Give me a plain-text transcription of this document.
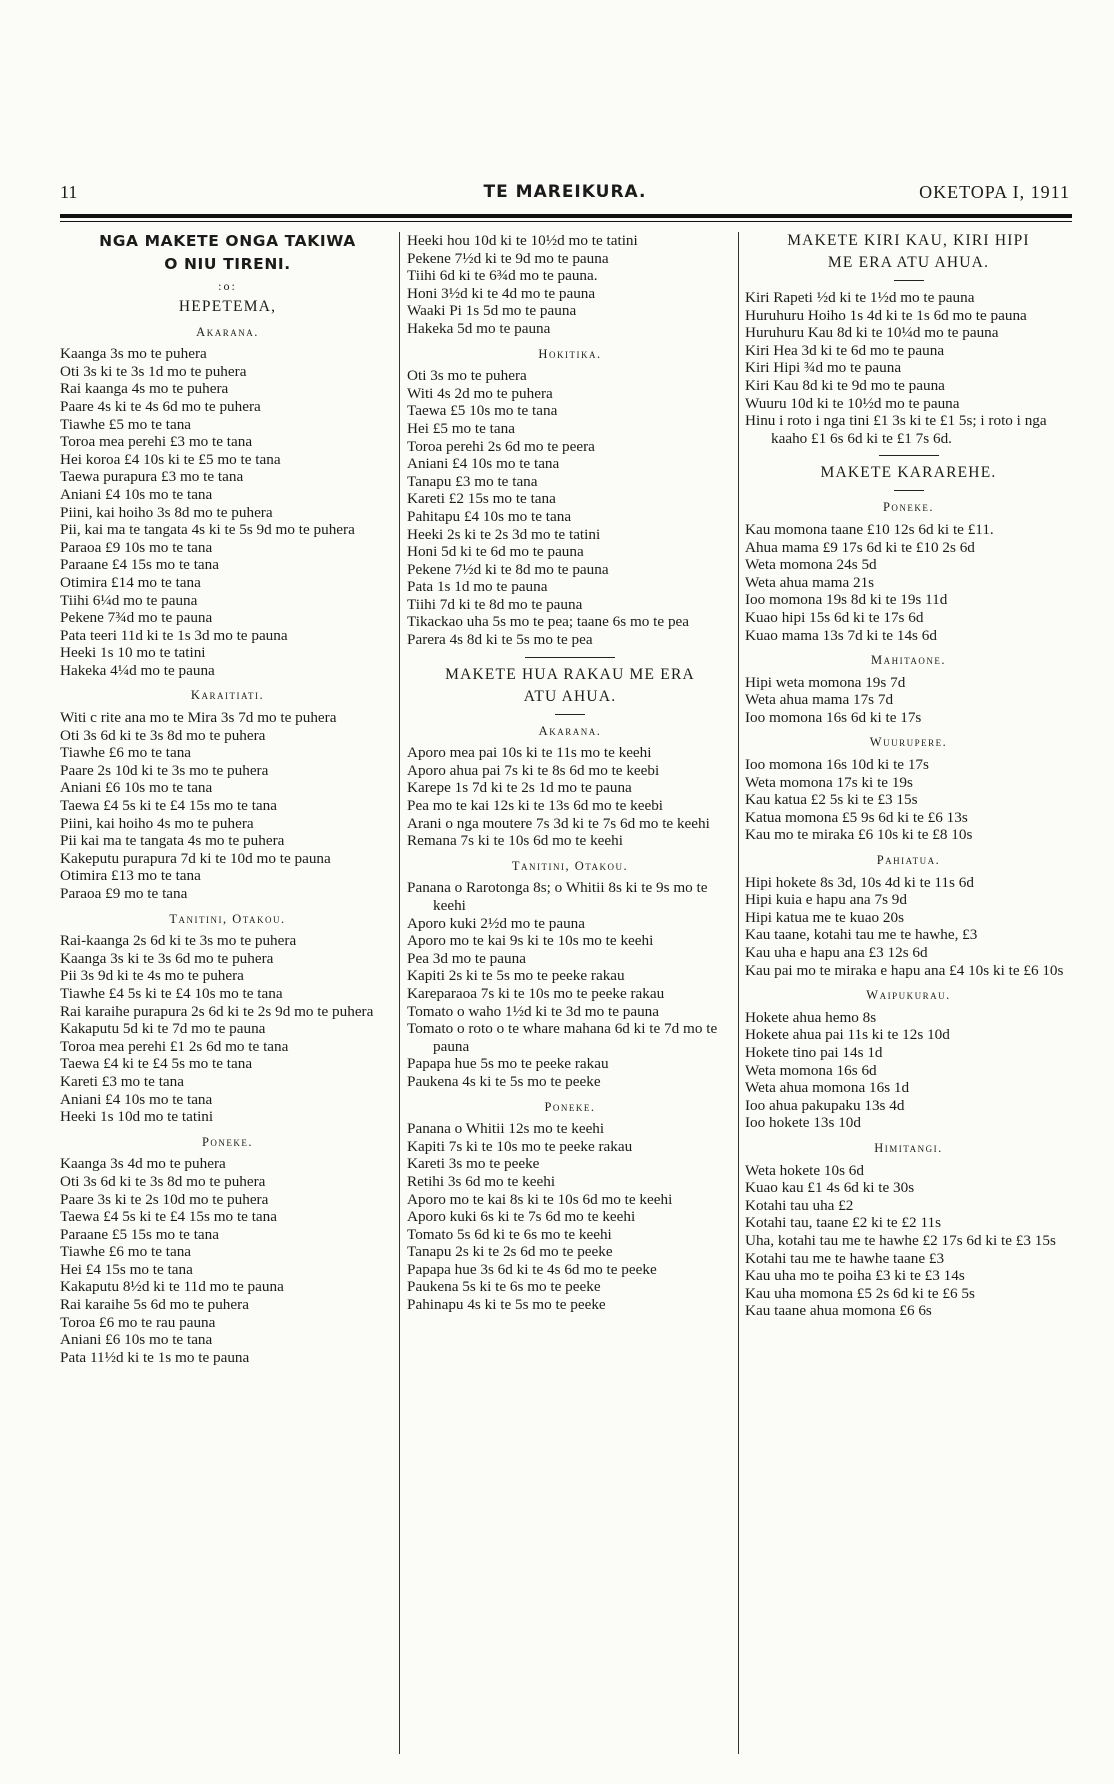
11	TE MAREIKURA.	OKETOPA I, 1911
NGA MAKETE ONGA TAKIWA
O NIU TIRENI.
:o:
HEPETEMA,
Akarana.
Kaanga 3s mo te puhera
Oti 3s ki te 3s 1d mo te puhera
Rai kaanga 4s mo te puhera
Paare 4s ki te 4s 6d mo te puhera
Tiawhe £5 mo te tana
Toroa mea perehi £3 mo te tana
Hei koroa £4 10s ki te £5 mo te tana
Taewa purapura £3 mo te tana
Aniani £4 10s mo te tana
Piini, kai hoiho 3s 8d mo te puhera
Pii, kai ma te tangata 4s ki te 5s 9d mo te puhera
Paraoa £9 10s mo te tana
Paraane £4 15s mo te tana
Otimira £14 mo te tana
Tiihi 6¼d mo te pauna
Pekene 7¾d mo te pauna
Pata teeri 11d ki te 1s 3d mo te pauna
Heeki 1s 10 mo te tatini
Hakeka 4¼d mo te pauna
Karaitiati.
Witi c rite ana mo te Mira 3s 7d mo te puhera
Oti 3s 6d ki te 3s 8d mo te puhera
Tiawhe £6 mo te tana
Paare 2s 10d ki te 3s mo te puhera
Aniani £6 10s mo te tana
Taewa £4 5s ki te £4 15s mo te tana
Piini, kai hoiho 4s mo te puhera
Pii kai ma te tangata 4s mo te puhera
Kakeputu purapura 7d ki te 10d mo te pauna
Otimira £13 mo te tana
Paraoa £9 mo te tana
Tanitini, Otakou.
Rai-kaanga 2s 6d ki te 3s mo te puhera
Kaanga 3s ki te 3s 6d mo te puhera
Pii 3s 9d ki te 4s mo te puhera
Tiawhe £4 5s ki te £4 10s mo te tana
Rai karaihe purapura 2s 6d ki te 2s 9d mo te puhera
Kakaputu 5d ki te 7d mo te pauna
Toroa mea perehi £1 2s 6d mo te tana
Taewa £4 ki te £4 5s mo te tana
Kareti £3 mo te tana
Aniani £4 10s mo te tana
Heeki 1s 10d mo te tatini
Poneke.
Kaanga 3s 4d mo te puhera
Oti 3s 6d ki te 3s 8d mo te puhera
Paare 3s ki te 2s 10d mo te puhera
Taewa £4 5s ki te £4 15s mo te tana
Paraane £5 15s mo te tana
Tiawhe £6 mo te tana
Hei £4 15s mo te tana
Kakaputu 8½d ki te 11d mo te pauna
Rai karaihe 5s 6d mo te puhera
Toroa £6 mo te rau pauna
Aniani £6 10s mo te tana
Pata 11½d ki te 1s mo te pauna
Heeki hou 10d ki te 10½d mo te tatini
Pekene 7½d ki te 9d mo te pauna
Tiihi 6d ki te 6¾d mo te pauna.
Honi 3½d ki te 4d mo te pauna
Waaki Pi 1s 5d mo te pauna
Hakeka 5d mo te pauna
Hokitika.
Oti 3s mo te puhera
Witi 4s 2d mo te puhera
Taewa £5 10s mo te tana
Hei £5 mo te tana
Toroa perehi 2s 6d mo te peera
Aniani £4 10s mo te tana
Tanapu £3 mo te tana
Kareti £2 15s mo te tana
Pahitapu £4 10s mo te tana
Heeki 2s ki te 2s 3d mo te tatini
Honi 5d ki te 6d mo te pauna
Pekene 7½d ki te 8d mo te pauna
Pata 1s 1d mo te pauna
Tiihi 7d ki te 8d mo te pauna
Tikackao uha 5s mo te pea; taane 6s mo te pea
Parera 4s 8d ki te 5s mo te pea
MAKETE HUA RAKAU ME ERA
ATU AHUA.
Akarana.
Aporo mea pai 10s ki te 11s mo te keehi
Aporo ahua pai 7s ki te 8s 6d mo te keebi
Karepe 1s 7d ki te 2s 1d mo te pauna
Pea mo te kai 12s ki te 13s 6d mo te keebi
Arani o nga moutere 7s 3d ki te 7s 6d mo te keehi
Remana 7s ki te 10s 6d mo te keehi
Tanitini, Otakou.
Panana o Rarotonga 8s; o Whitii 8s ki te 9s mo te keehi
Aporo kuki 2½d mo te pauna
Aporo mo te kai 9s ki te 10s mo te keehi
Pea 3d mo te pauna
Kapiti 2s ki te 5s mo te peeke rakau
Kareparaoa 7s ki te 10s mo te peeke rakau
Tomato o waho 1½d ki te 3d mo te pauna
Tomato o roto o te whare mahana 6d ki te 7d mo te pauna
Papapa hue 5s mo te peeke rakau
Paukena 4s ki te 5s mo te peeke
Poneke.
Panana o Whitii 12s mo te keehi
Kapiti 7s ki te 10s mo te peeke rakau
Kareti 3s mo te peeke
Retihi 3s 6d mo te keehi
Aporo mo te kai 8s ki te 10s 6d mo te keehi
Aporo kuki 6s ki te 7s 6d mo te keehi
Tomato 5s 6d ki te 6s mo te keehi
Tanapu 2s ki te 2s 6d mo te peeke
Papapa hue 3s 6d ki te 4s 6d mo te peeke
Paukena 5s ki te 6s mo te peeke
Pahinapu 4s ki te 5s mo te peeke
MAKETE KIRI KAU, KIRI HIPI
ME ERA ATU AHUA.
Kiri Rapeti ½d ki te 1½d mo te pauna
Huruhuru Hoiho 1s 4d ki te 1s 6d mo te pauna
Huruhuru Kau 8d ki te 10¼d mo te pauna
Kiri Hea 3d ki te 6d mo te pauna
Kiri Hipi ¾d mo te pauna
Kiri Kau 8d ki te 9d mo te pauna
Wuuru 10d ki te 10½d mo te pauna
Hinu i roto i nga tini £1 3s ki te £1 5s; i roto i nga kaaho £1 6s 6d ki te £1 7s 6d.
MAKETE KARAREHE.
Poneke.
Kau momona taane £10 12s 6d ki te £11.
Ahua mama £9 17s 6d ki te £10 2s 6d
Weta momona 24s 5d
Weta ahua mama 21s
Ioo momona 19s 8d ki te 19s 11d
Kuao hipi 15s 6d ki te 17s 6d
Kuao mama 13s 7d ki te 14s 6d
Mahitaone.
Hipi weta momona 19s 7d
Weta ahua mama 17s 7d
Ioo momona 16s 6d ki te 17s
Wuurupere.
Ioo momona 16s 10d ki te 17s
Weta momona 17s ki te 19s
Kau katua £2 5s ki te £3 15s
Katua momona £5 9s 6d ki te £6 13s
Kau mo te miraka £6 10s ki te £8 10s
Pahiatua.
Hipi hokete 8s 3d, 10s 4d ki te 11s 6d
Hipi kuia e hapu ana 7s 9d
Hipi katua me te kuao 20s
Kau taane, kotahi tau me te hawhe, £3
Kau uha e hapu ana £3 12s 6d
Kau pai mo te miraka e hapu ana £4 10s ki te £6 10s
Waipukurau.
Hokete ahua hemo 8s
Hokete ahua pai 11s ki te 12s 10d
Hokete tino pai 14s 1d
Weta momona 16s 6d
Weta ahua momona 16s 1d
Ioo ahua pakupaku 13s 4d
Ioo hokete 13s 10d
Himitangi.
Weta hokete 10s 6d
Kuao kau £1 4s 6d ki te 30s
Kotahi tau uha £2
Kotahi tau, taane £2 ki te £2 11s
Uha, kotahi tau me te hawhe £2 17s 6d ki te £3 15s
Kotahi tau me te hawhe taane £3
Kau uha mo te poiha £3 ki te £3 14s
Kau uha momona £5 2s 6d ki te £6 5s
Kau taane ahua momona £6 6s
